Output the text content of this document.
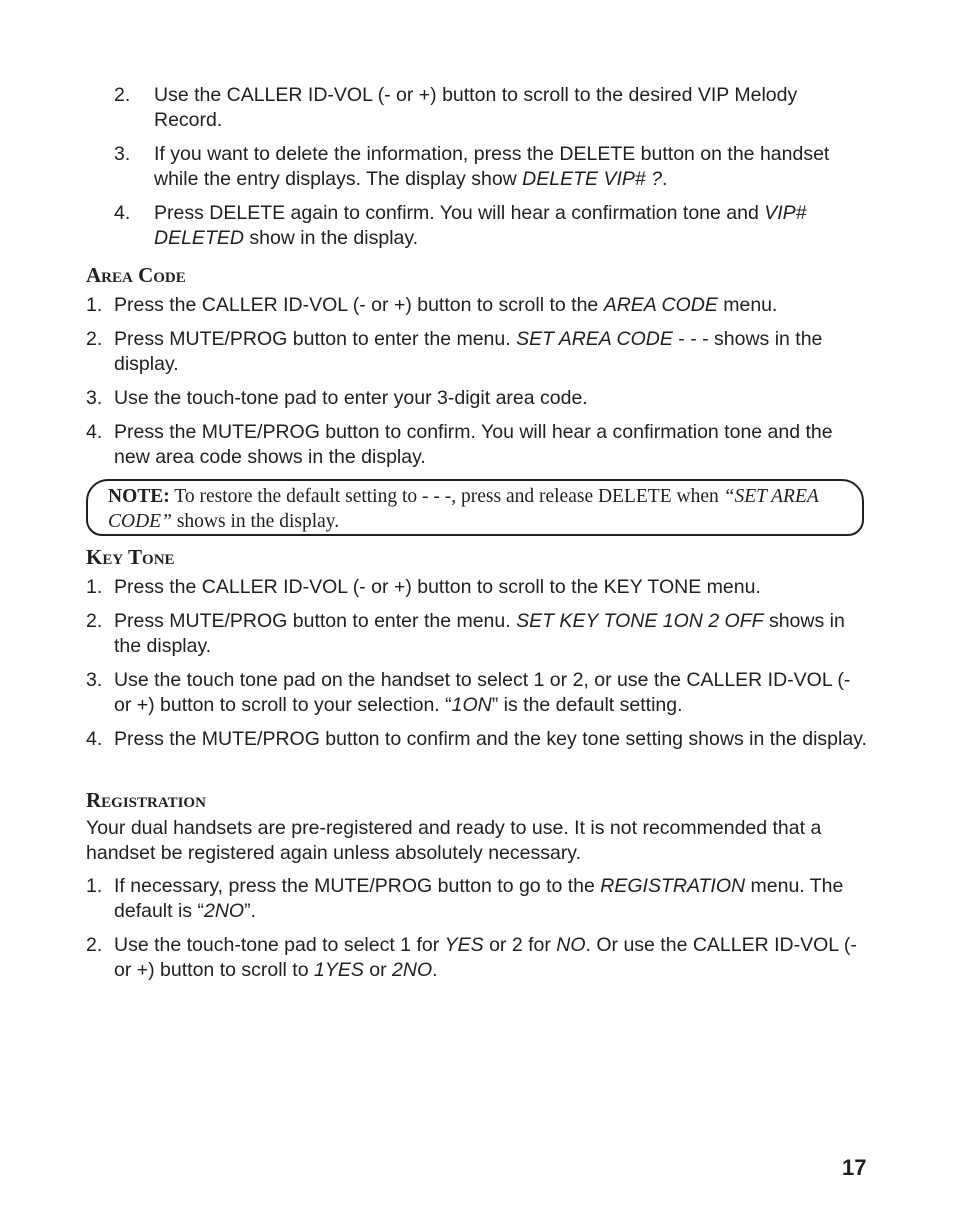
2.	Use the CALLER ID-VOL (- or +) button to scroll to the desired VIP Melody Record.
3.	If you want to delete the information, press the DELETE button on the handset while the entry displays. The display show DELETE VIP# ?.
4.	Press DELETE again to confirm. You will hear a confirmation tone and VIP# DELETED show in the display.
Area Code
1. Press the CALLER ID-VOL (- or +) button to scroll to the AREA CODE menu.
2. Press MUTE/PROG button to enter the menu. SET AREA CODE - - - shows in the display.
3. Use the touch-tone pad to enter your 3-digit area code.
4. Press the MUTE/PROG button to confirm. You will hear a confirmation tone and the new area code shows in the display.
NOTE: To restore the default setting to - - -, press and release DELETE when “SET AREA CODE” shows in the display.
Key Tone
1. Press the CALLER ID-VOL (- or +) button to scroll to the KEY TONE menu.
2. Press MUTE/PROG button to enter the menu. SET KEY TONE 1ON 2 OFF shows in the display.
3. Use the touch tone pad on the handset to select 1 or 2, or use the CALLER ID-VOL (- or +) button to scroll to your selection. “1ON” is the default setting.
4. Press the MUTE/PROG button to confirm and the key tone setting shows in the display.
Registration

Your dual handsets are pre-registered and ready to use. It is not recommended that a handset be registered again unless absolutely necessary.

1. If necessary, press the MUTE/PROG button to go to the REGISTRATION menu. The default is “2NO”.
2. Use the touch-tone pad to select 1 for YES or 2 for NO. Or use the CALLER ID-VOL (- or +) button to scroll to 1YES or 2NO.
17
